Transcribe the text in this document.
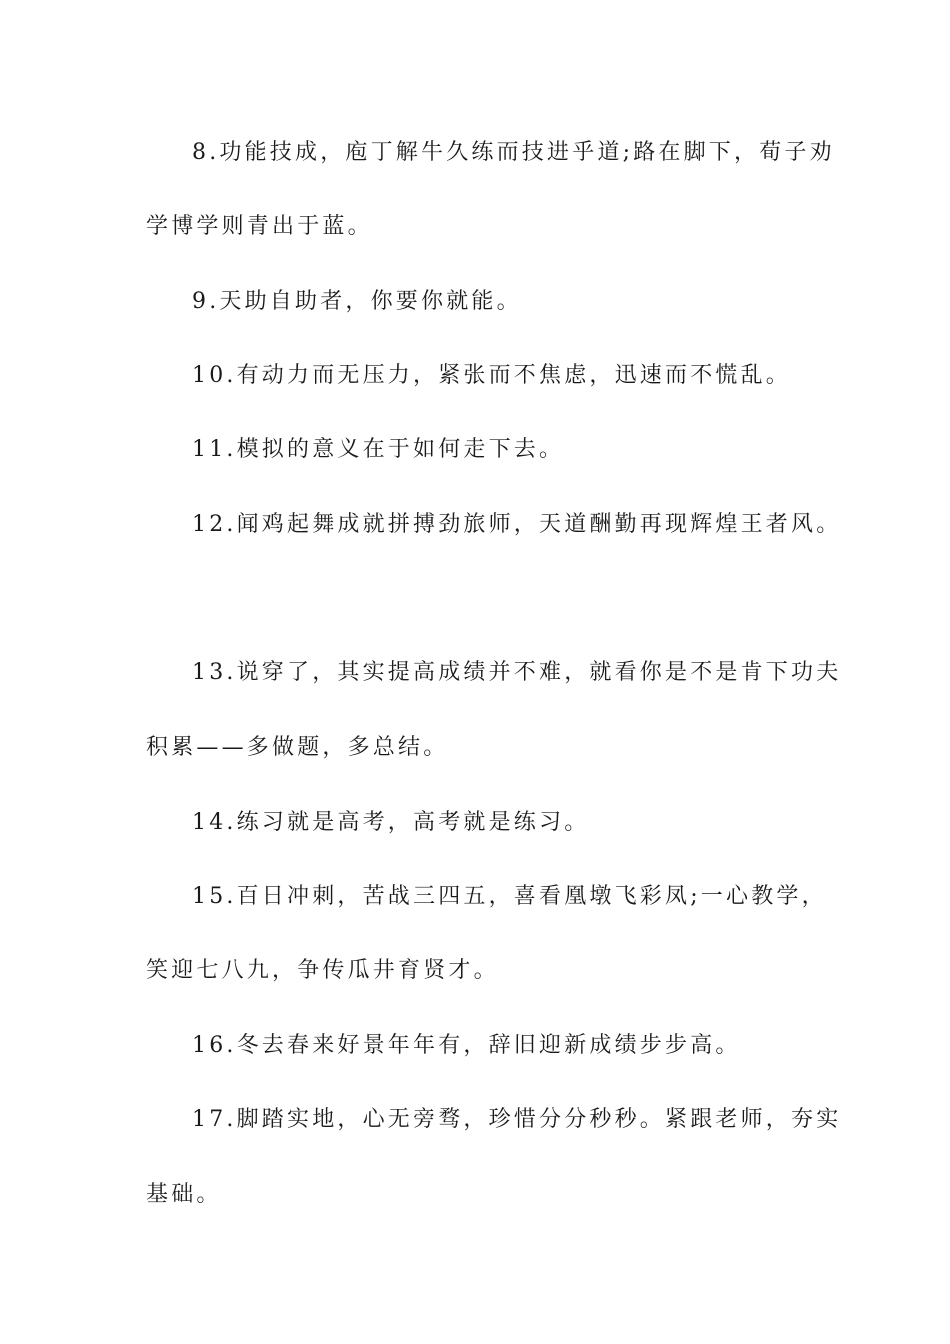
8.功能技成，庖丁解牛久练而技进乎道;路在脚下，荀子劝
学博学则青出于蓝。
9.天助自助者，你要你就能。
10.有动力而无压力，紧张而不焦虑，迅速而不慌乱。
11.模拟的意义在于如何走下去。
12.闻鸡起舞成就拼搏劲旅师，天道酬勤再现辉煌王者风。
13.说穿了，其实提高成绩并不难，就看你是不是肯下功夫
积累——多做题，多总结。
14.练习就是高考，高考就是练习。
15.百日冲刺，苦战三四五，喜看凰墩飞彩凤;一心教学，
笑迎七八九，争传瓜井育贤才。
16.冬去春来好景年年有，辞旧迎新成绩步步高。
17.脚踏实地，心无旁骛，珍惜分分秒秒。紧跟老师，夯实
基础。
